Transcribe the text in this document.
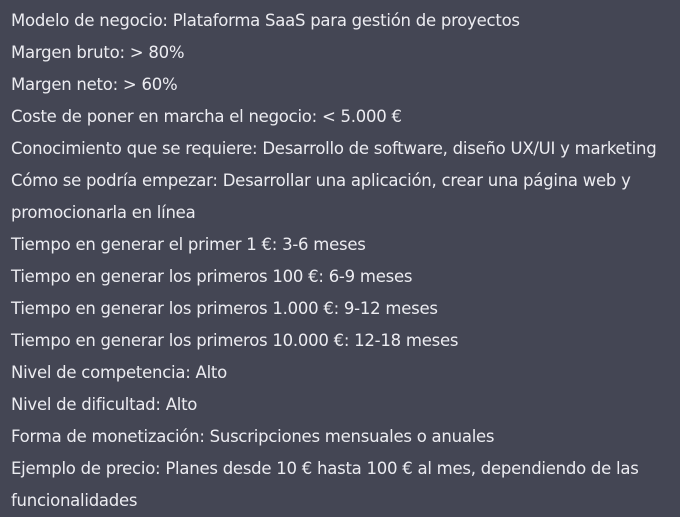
Modelo de negocio: Plataforma SaaS para gestión de proyectos
Margen bruto: > 80%
Margen neto: > 60%
Coste de poner en marcha el negocio: < 5.000 €
Conocimiento que se requiere: Desarrollo de software, diseño UX/UI y marketing
Cómo se podría empezar: Desarrollar una aplicación, crear una página web y promocionarla en línea
Tiempo en generar el primer 1 €: 3-6 meses
Tiempo en generar los primeros 100 €: 6-9 meses
Tiempo en generar los primeros 1.000 €: 9-12 meses
Tiempo en generar los primeros 10.000 €: 12-18 meses
Nivel de competencia: Alto
Nivel de dificultad: Alto
Forma de monetización: Suscripciones mensuales o anuales
Ejemplo de precio: Planes desde 10 € hasta 100 € al mes, dependiendo de las funcionalidades
